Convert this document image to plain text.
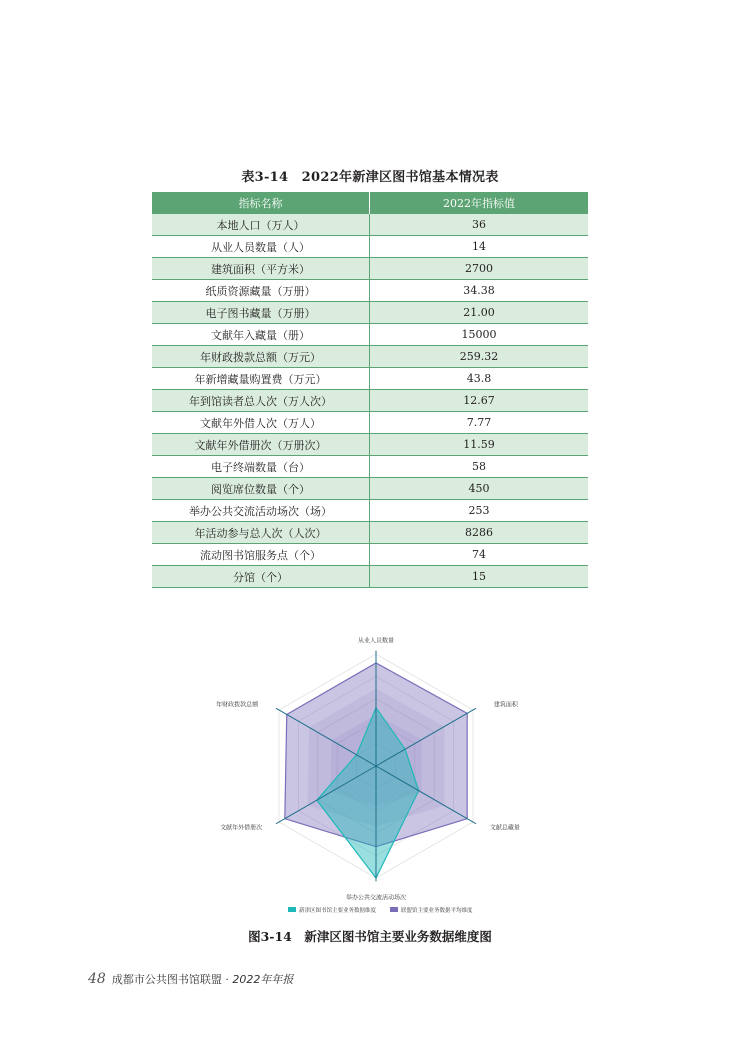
表3-14　2022年新津区图书馆基本情况表
指标名称	2022年指标值
本地人口（万人）	36
从业人员数量（人）	14
建筑面积（平方米）	2700
纸质资源藏量（万册）	34.38
电子图书藏量（万册）	21.00
文献年入藏量（册）	15000
年财政拨款总额（万元）	259.32
年新增藏量购置费（万元）	43.8
年到馆读者总人次（万人次）	12.67
文献年外借人次（万人）	7.77
文献年外借册次（万册次）	11.59
电子终端数量（台）	58
阅览席位数量（个）	450
举办公共交流活动场次（场）	253
年活动参与总人次（人次）	8286
流动图书馆服务点（个）	74
分馆（个）	15
从业人员数量
建筑面积
文献总藏量
举办公共交流活动场次
文献年外借册次
年财政拨款总额
新津区图书馆主要业务数据维度	联盟馆主要业务数据平均维度
图3-14　新津区图书馆主要业务数据维度图
48 成都市公共图书馆联盟 · 2022年年报
